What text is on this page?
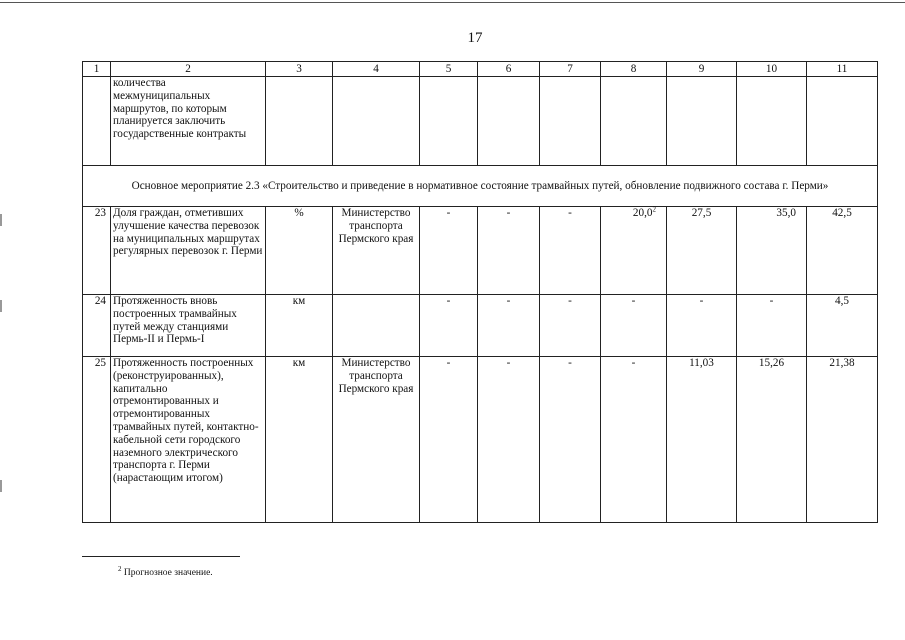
17
1	2	3	4	5	6	7	8	9	10	11
	количества межмуниципальных маршрутов, по которым планируется заключить государственные контракты									
Основное мероприятие 2.3 «Строительство и приведение в нормативное состояние трамвайных путей, обновление подвижного состава г. Перми»										
23	Доля граждан, отметивших улучшение качества перевозок на муниципальных маршрутах регулярных перевозок г. Перми	%	Министерство транспорта Пермского края	-	-	-	20,0$^2$	27,5	35,0	42,5
24	Протяженность вновь построенных трамвайных путей между станциями Пермь-II и Пермь-I	км		-	-	-	-	-	-	4,5
25	Протяженность построенных (реконструированных), капитально отремонтированных и отремонтированных трамвайных путей, контактно-кабельной сети городского наземного электрического транспорта г. Перми (нарастающим итогом)	км	Министерство транспорта Пермского края	-	-	-	-	11,03	15,26	21,38
$^2$ Прогнозное значение.
